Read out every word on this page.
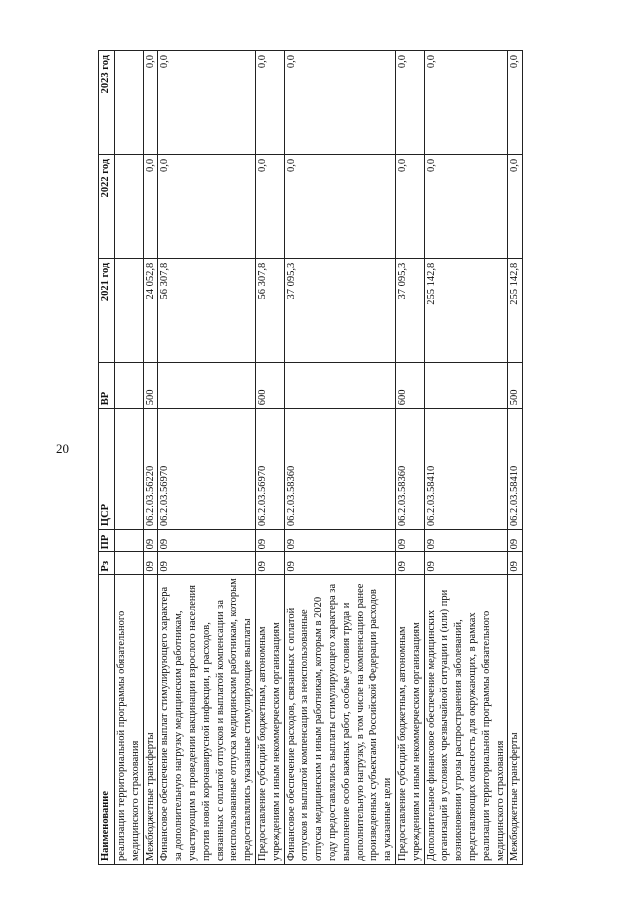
20
Наименование	Рз	ПР	ЦСР	ВР	2021 год	2022 год	2023 год
реализации территориальной программы обязательного медицинского страхования							
Межбюджетные трансферты	09	09	06.2.03.56220	500	24 052,8	0,0	0,0
Финансовое обеспечение выплат стимулирующего характера за дополнительную нагрузку медицинским работникам, участвующим в проведении вакцинации взрослого населения против новой коронавирусной инфекции, и расходов, связанных с оплатой отпусков и выплатой компенсации за неиспользованные отпуска медицинским работникам, которым предоставлялись указанные стимулирующие выплаты	09	09	06.2.03.56970		56 307,8	0,0	0,0
Предоставление субсидий бюджетным, автономным учреждениям и иным некоммерческим организациям	09	09	06.2.03.56970	600	56 307,8	0,0	0,0
Финансовое обеспечение расходов, связанных с оплатой отпусков и выплатой компенсации за неиспользованные отпуска медицинским и иным работникам, которым в 2020 году предоставлялись выплаты стимулирующего характера за выполнение особо важных работ, особые условия труда и дополнительную нагрузку, в том числе на компенсацию ранее произведенных субъектами Российской Федерации расходов на указанные цели	09	09	06.2.03.58360		37 095,3	0,0	0,0
Предоставление субсидий бюджетным, автономным учреждениям и иным некоммерческим организациям	09	09	06.2.03.58360	600	37 095,3	0,0	0,0
Дополнительное финансовое обеспечение медицинских организаций в условиях чрезвычайной ситуации и (или) при возникновении угрозы распространения заболеваний, представляющих опасность для окружающих, в рамках реализации территориальной программы обязательного медицинского страхования	09	09	06.2.03.58410		255 142,8	0,0	0,0
Межбюджетные трансферты	09	09	06.2.03.58410	500	255 142,8	0,0	0,0
